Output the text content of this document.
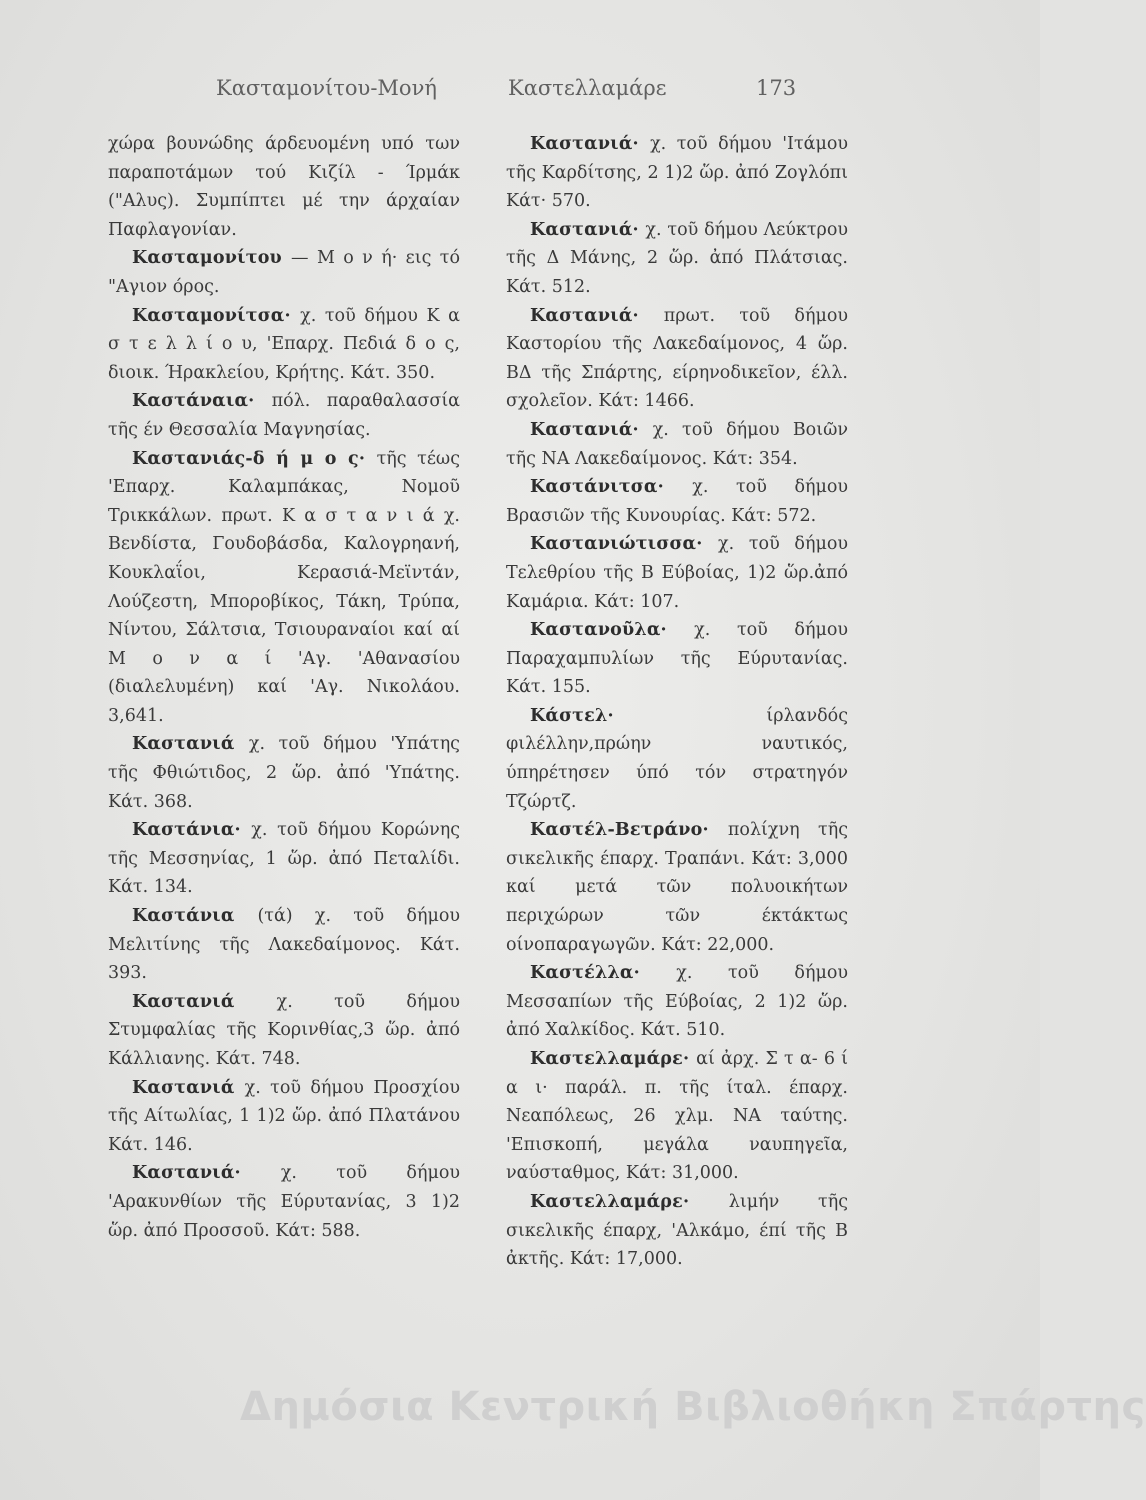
Κασταμονίτου-Μονή	Καστελλαμάρε	173

χώρα βουνώδης άρδευομένη υπό των παραποτάμων τού Κιζίλ - Ίρμάκ ("Αλυς). Συμπίπτει μέ την άρχαίαν Παφλαγονίαν.

Κασταμονίτου — Μ ο ν ή· εις τό "Αγιον όρος.

Κασταμονίτσα· χ. τοῦ δήμου Κ α σ τ ε λ λ ί ο υ, 'Επαρχ. Πεδιά δ ο ς, διοικ. Ήρακλείου, Κρήτης. Κάτ. 350.

Καστάναια· πόλ. παραθαλασσία τῆς έν Θεσσαλία Μαγνησίας.

Καστανιάς-δ ή μ ο ς· τῆς τέως 'Επαρχ. Καλαμπάκας, Νομοῦ Τρικκάλων. πρωτ. Κ α σ τ α ν ι ά χ. Βενδίστα, Γουδοβάσδα, Καλογρηανή, Κουκλαΐοι, Κερασιά-Μεϊντάν, Λούζεστη, Μποροβίκος, Τάκη, Τρύπα, Νίντου, Σάλτσια, Τσιουραναίοι καί αί Μ ο ν α ί 'Αγ. 'Αθανασίου (διαλελυμένη) καί 'Αγ. Νικολάου. 3,641.

Καστανιά χ. τοῦ δήμου 'Υπάτης τῆς Φθιώτιδος, 2 ὥρ. ἀπό 'Υπάτης. Κάτ. 368.

Καστάνια· χ. τοῦ δήμου Κορώνης τῆς Μεσσηνίας, 1 ὥρ. ἀπό Πεταλίδι. Κάτ. 134.

Καστάνια (τά) χ. τοῦ δήμου Μελιτίνης τῆς Λακεδαίμονος. Κάτ. 393.

Καστανιά χ. τοῦ δήμου Στυμφαλίας τῆς Κορινθίας,3 ὥρ. ἀπό Κάλλιανης. Κάτ. 748.

Καστανιά χ. τοῦ δήμου Προσχίου τῆς Αίτωλίας, 1 1)2 ὥρ. ἀπό Πλατάνου Κάτ. 146.

Καστανιά· χ. τοῦ δήμου 'Αρακυνθίων τῆς Εύρυτανίας, 3 1)2 ὥρ. ἀπό Προσσοῦ. Κάτ: 588.

Καστανιά· χ. τοῦ δήμου 'Ιτάμου τῆς Καρδίτσης, 2 1)2 ὥρ. ἀπό Ζογλόπι Κάτ· 570.

Καστανιά· χ. τοῦ δήμου Λεύκτρου τῆς Δ Μάνης, 2 ὥρ. ἀπό Πλάτσιας. Κάτ. 512.

Καστανιά· πρωτ. τοῦ δήμου Καστορίου τῆς Λακεδαίμονος, 4 ὥρ. ΒΔ τῆς Σπάρτης, είρηνοδικεῖον, έλλ. σχολεῖον. Κάτ: 1466.

Καστανιά· χ. τοῦ δήμου Βοιῶν τῆς ΝΑ Λακεδαίμονος. Κάτ: 354.

Καστάνιτσα· χ. τοῦ δήμου Βρασιῶν τῆς Κυνουρίας. Κάτ: 572.

Καστανιώτισσα· χ. τοῦ δήμου Τελεθρίου τῆς Β Εύβοίας, 1)2 ὥρ.ἀπό Καμάρια. Κάτ: 107.

Καστανοῦλα· χ. τοῦ δήμου Παραχαμπυλίων τῆς Εύρυτανίας. Κάτ. 155.

Κάστελ·	ίρλανδός φιλέλλην,πρώην ναυτικός, ύπηρέτησεν ύπό τόν στρατηγόν Τζώρτζ.

Καστέλ-Βετράνο· πολίχνη τῆς σικελικῆς έπαρχ. Τραπάνι. Κάτ: 3,000 καί μετά τῶν πολυοικήτων περιχώρων τῶν έκτάκτως οίνοπαραγωγῶν. Κάτ: 22,000.

Καστέλλα· χ. τοῦ δήμου Μεσσαπίων τῆς Εύβοίας, 2 1)2 ὥρ. ἀπό Χαλκίδος. Κάτ. 510.

Καστελλαμάρε· αί ἀρχ. Σ τ α- 6 ί α ι· παράλ. π. τῆς ίταλ. έπαρχ. Νεαπόλεως, 26 χλμ. ΝΑ ταύτης. 'Επισκοπή, μεγάλα ναυπηγεῖα, ναύσταθμος, Κάτ: 31,000.

Καστελλαμάρε· λιμήν τῆς σικελικῆς έπαρχ, 'Αλκάμο, έπί τῆς Β ἀκτῆς. Κάτ: 17,000.

Δημόσια Κεντρική Βιβλιοθήκη Σπάρτης
